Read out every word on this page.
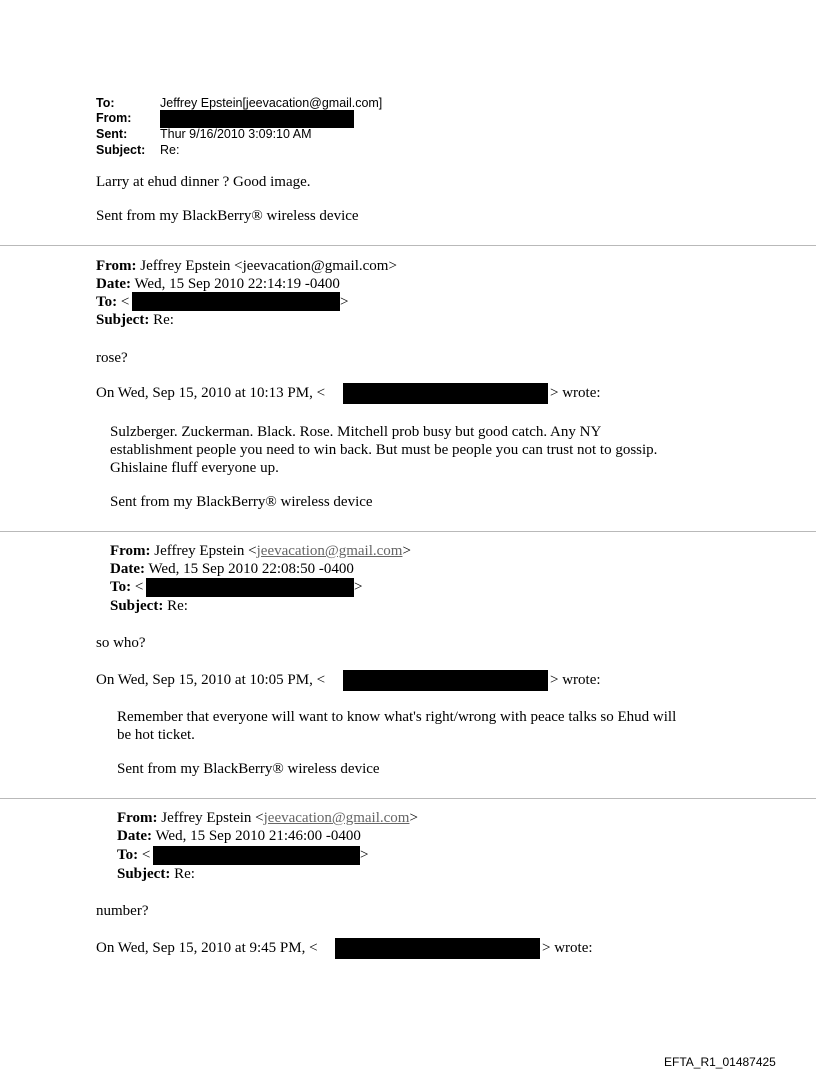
To:	Jeffrey Epstein[jeevacation@gmail.com]
From:
Sent:	Thur 9/16/2010 3:09:10 AM
Subject: Re:
Larry at ehud dinner ? Good image.
Sent from my BlackBerry® wireless device
From: Jeffrey Epstein <jeevacation@gmail.com>
Date: Wed, 15 Sep 2010 22:14:19 -0400
To: <	>
Subject: Re:
rose?
On Wed, Sep 15, 2010 at 10:13 PM, <	> wrote:
Sulzberger. Zuckerman. Black. Rose. Mitchell prob busy but good catch. Any NY
establishment people you need to win back. But must be people you can trust not to gossip.
Ghislaine fluff everyone up.
Sent from my BlackBerry® wireless device
From: Jeffrey Epstein <jeevacation@gmail.com>
Date: Wed, 15 Sep 2010 22:08:50 -0400
To: <	>
Subject: Re:
so who?
On Wed, Sep 15, 2010 at 10:05 PM, <	> wrote:
Remember that everyone will want to know what's right/wrong with peace talks so Ehud will
be hot ticket.
Sent from my BlackBerry® wireless device
From: Jeffrey Epstein <jeevacation@gmail.com>
Date: Wed, 15 Sep 2010 21:46:00 -0400
To: <	>
Subject: Re:
number?
On Wed, Sep 15, 2010 at 9:45 PM, <	> wrote:
EFTA_R1_01487425
